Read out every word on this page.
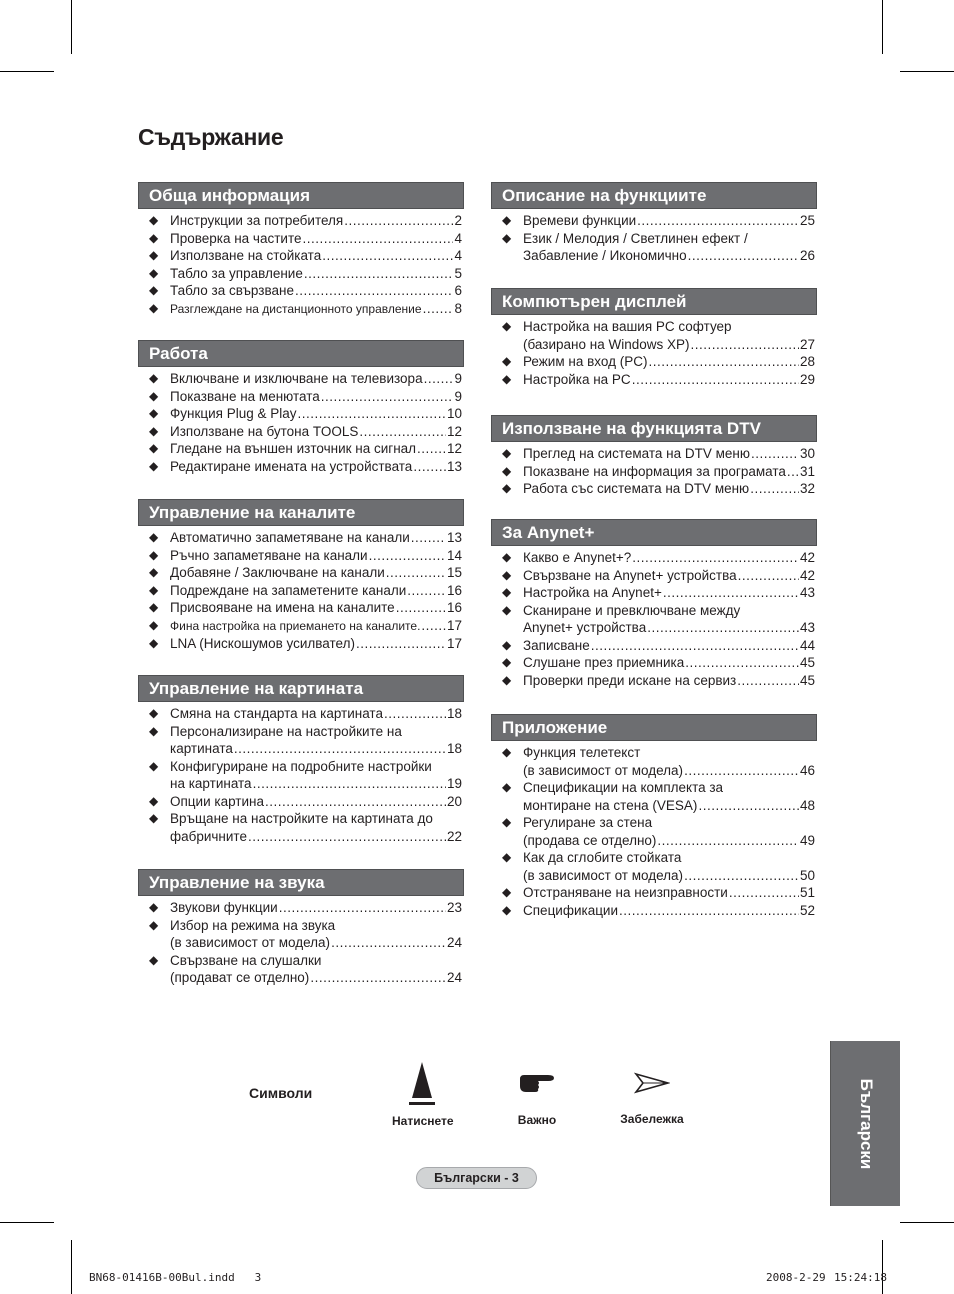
Съдържание
Обща информация
◆ Инструкции за потребителя .....	2
◆ Проверка на частите .....	4
◆ Използване на стойката .....	4
◆ Табло за управление .....	5
◆ Табло за свързване .....	6
◆ Разглеждане на дистанционното управление ..... 8
Работа
◆ Включване и изключване на телевизора ..... 9
◆ Показване на менютата .....	9
◆ Функция Plug & Play .....	10
◆ Използване на бутона TOOLS .....	12
◆ Гледане на външен източник на сигнал ..... 12
◆ Редактиране имената на устройствата .....	13
Управление на каналите
◆ Автоматично запаметяване на канали .....	13
◆ Ръчно запаметяване на канали .....	14
◆ Добавяне / Заключване на канали .....	15
◆ Подреждане на запаметените канали .....	16
◆ Присвояване на имена на каналите .....	16
◆ Фина настройка на приемането на каналите. ..... 17
◆ LNA (Нискошумов усилвател) .....	17
Управление на картината
◆ Смяна на стандарта на картината .....	18
◆ Персонализиране на настройките на
картината .....	18
◆ Конфигуриране на подробните настройки
на картината .....	19
◆ Опции картина .....	20
◆ Връщане на настройките на картината до
фабричните .....	22
Управление на звука
◆ Звукови функции .....	23
◆ Избор на режима на звука
(в зависимост от модела) .....	24
◆ Свързване на слушалки
(продават се отделно) .....	24
Описание на функциите
◆ Времеви функции .....	25
◆ Език / Мелодия / Светлинен ефект /
Забавление / Икономично .....	26
Компютърен дисплей
◆ Настройка на вашия PC софтуер
(базирано на Windows XP) .....	27
◆ Режим на вход (PC) .....	28
◆ Настройка на PC .....	29
Използване на функцията DTV
◆ Преглед на системата на DTV меню .....	30
◆ Показване на информация за програмата ..... 31
◆ Работа със системата на DTV меню .....	32
За Anynet+
◆ Какво е Anynet+? .....	42
◆ Свързване на Anynet+ устройства .....	42
◆ Настройка на Anynet+ .....	43
◆ Сканиране и превключване между
Anynet+ устройства .....	43
◆ Записване .....	44
◆ Слушане през приемника .....	45
◆ Проверки преди искане на сервиз .....	45
Приложение
◆ Функция телетекст
(в зависимост от модела) .....	46
◆ Спецификации на комплекта за
монтиране на стена (VESA) .....	48
◆ Регулиране за стена
(продава се отделно) .....	49
◆ Как да сглобите стойката
(в зависимост от модела) .....	50
◆ Отстраняване на неизправности .....	51
◆ Спецификации .....	52
Символи
Натиснете	Важно	Забележка	Български
Български - 3
BN68-01416B-00Bul.indd   3	2008-2-29 15:24:18
